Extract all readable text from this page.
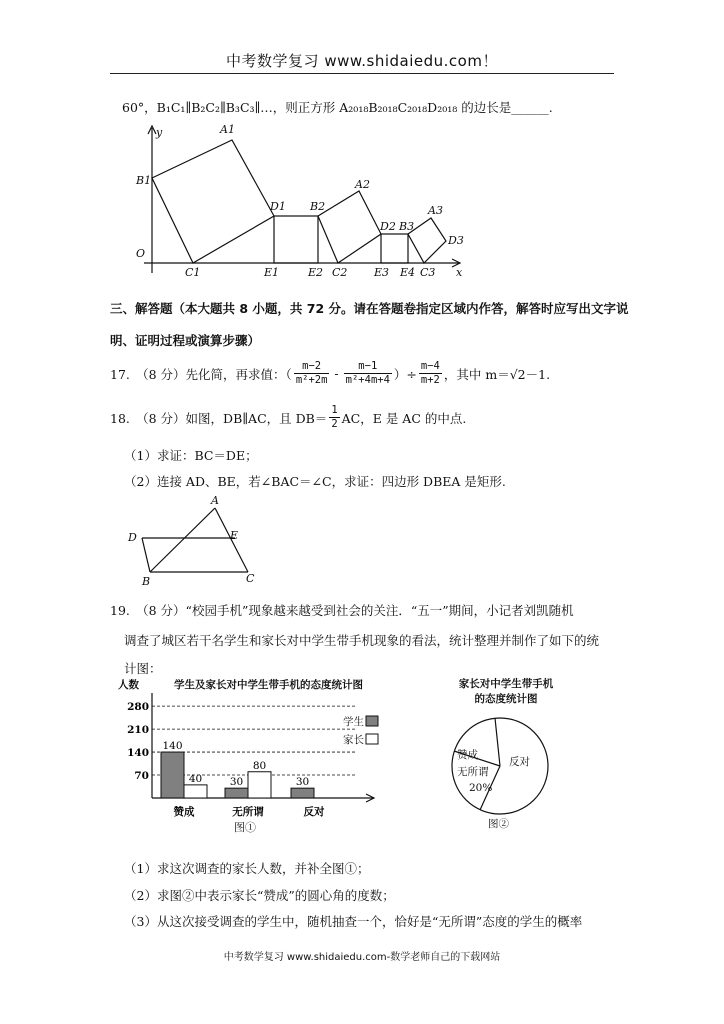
中考数学复习 www.shidaiedu.com！
60°，B₁C₁∥B₂C₂∥B₃C₃∥…，则正方形 A₂₀₁₈B₂₀₁₈C₂₀₁₈D₂₀₁₈ 的边长是______.
B1
A1
D1 B2
A2
D2 B3
A3
D3
O
y
x
C1	E1	E2 C2 E3 E4 C3
三、解答题（本大题共 8 小题，共 72 分。请在答题卷指定区域内作答，解答时应写出文字说
明、证明过程或演算步骤）
17.　（8 分）先化简，再求值：（ $\frac{m-2}{\text{m²+2m}} - \frac{m-1}{\text{m²+4m+4}}$ ）÷ $\frac{m-4}{m+2}$ ，其中 m＝√2－1.
18.　（8 分）如图，DB∥AC，且 $DB= \frac{1}{2}$ AC，E 是 AC 的中点.
（1）求证：BC＝DE；
（2）连接 AD、BE，若∠BAC＝∠C，求证：四边形 DBEA 是矩形.
A
D	E
B	C
19.　（8 分）“校园手机”现象越来越受到社会的关注．“五一”期间，小记者刘凯随机
调查了城区若干名学生和家长对中学生带手机现象的看法，统计整理并制作了如下的统
计图：
人数	学生及家长对中学生带手机的态度统计图
70
140
210
280
140
40
赞成
30
80
无所谓
30
反对
学生
家长
图①
家长对中学生带手机
的态度统计图
赞成
无所谓
20%
反对
图②
（1）求这次调查的家长人数，并补全图①；
（2）求图②中表示家长“赞成”的圆心角的度数；
（3）从这次接受调查的学生中，随机抽查一个，恰好是“无所谓”态度的学生的概率
中考数学复习 www.shidaiedu.com-数学老师自己的下载网站
